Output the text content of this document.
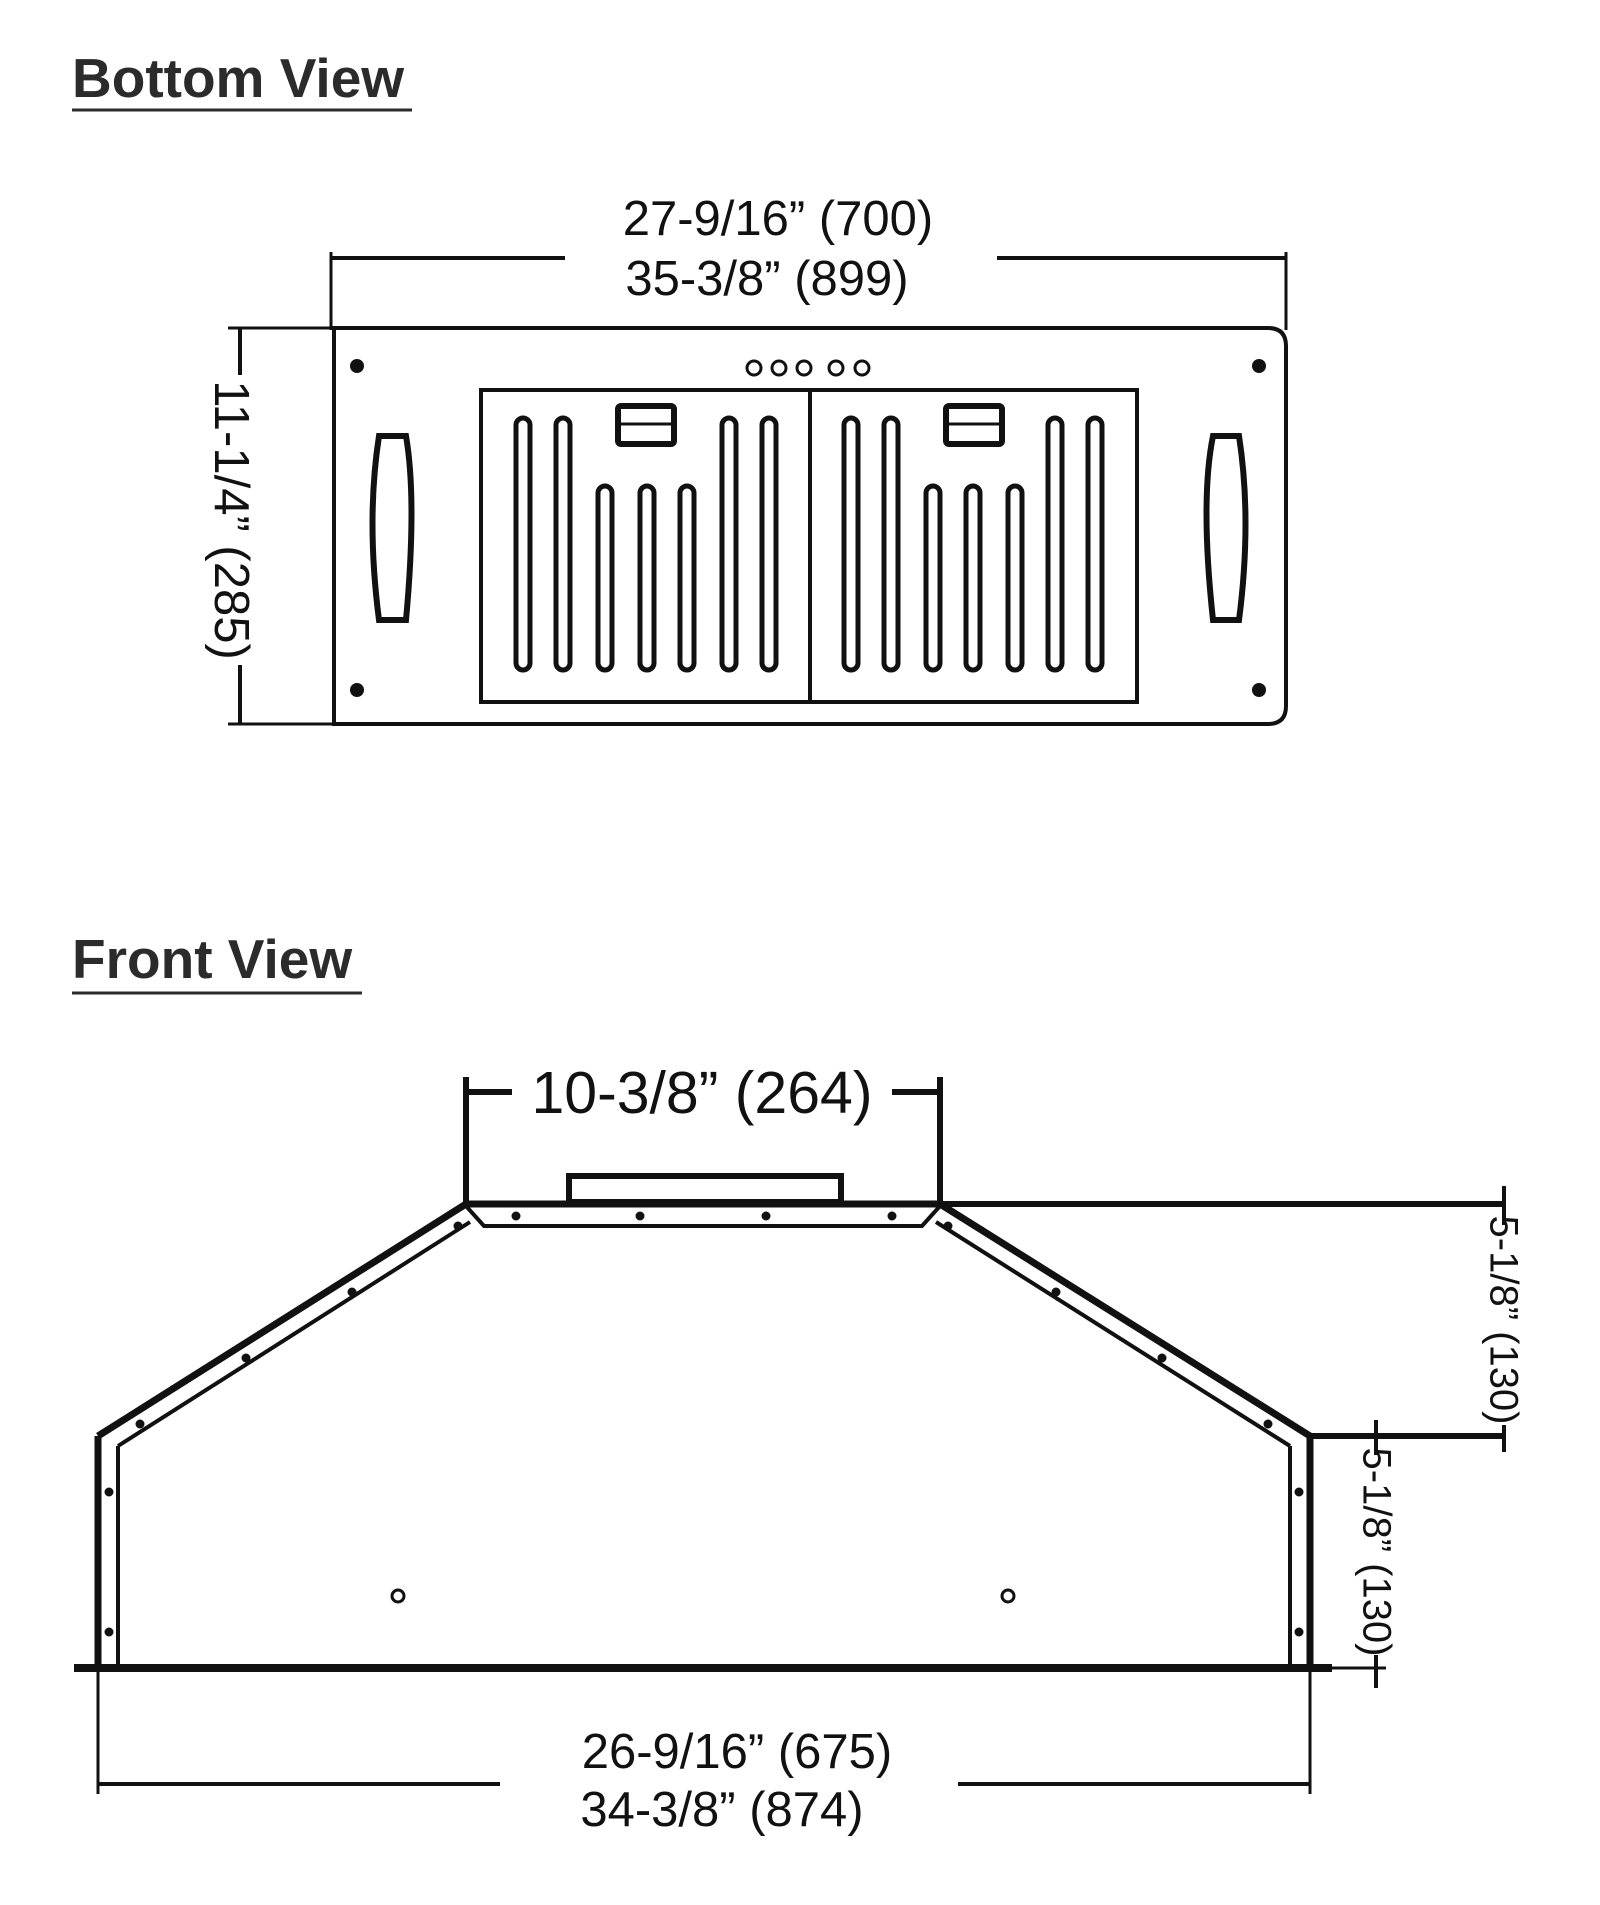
Bottom View
27-9/16” (700)
35-3/8” (899)
11-1/4” (285)
Front View
10-3/8” (264)
5-1/8” (130)
5-1/8” (130)
26-9/16” (675)
34-3/8” (874)
